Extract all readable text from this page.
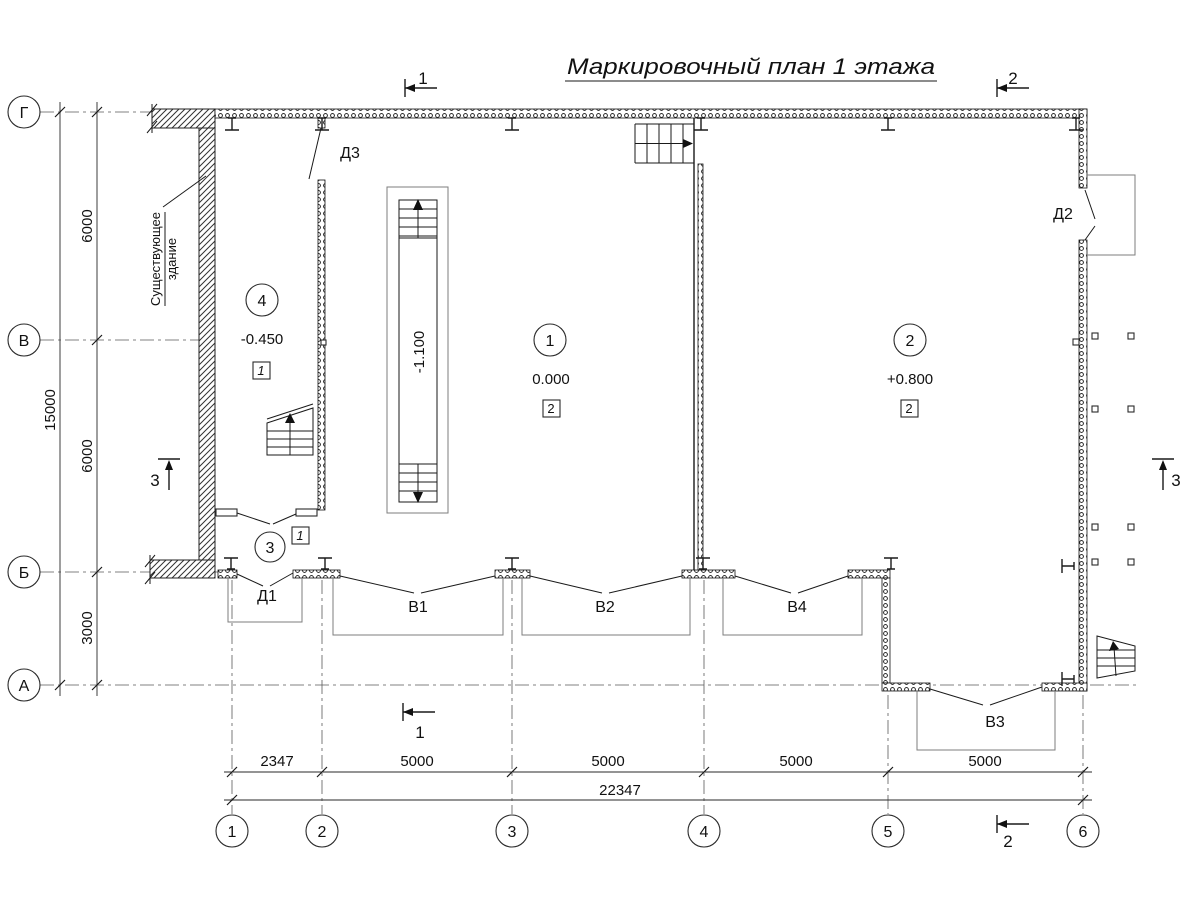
15000
6000
6000
3000
2347	5000	5000	5000	5000
22347
Г
В
Б
А
1	2	3	4	5	6
Существующее здание
-1.100
Д3
Д2
Д1
В1	В2	В4
В3
4
-0.450
1
1
0.000
2
2
+0.800
2
3
1
1
1
2
2
3	3
Маркировочный план 1 этажа
